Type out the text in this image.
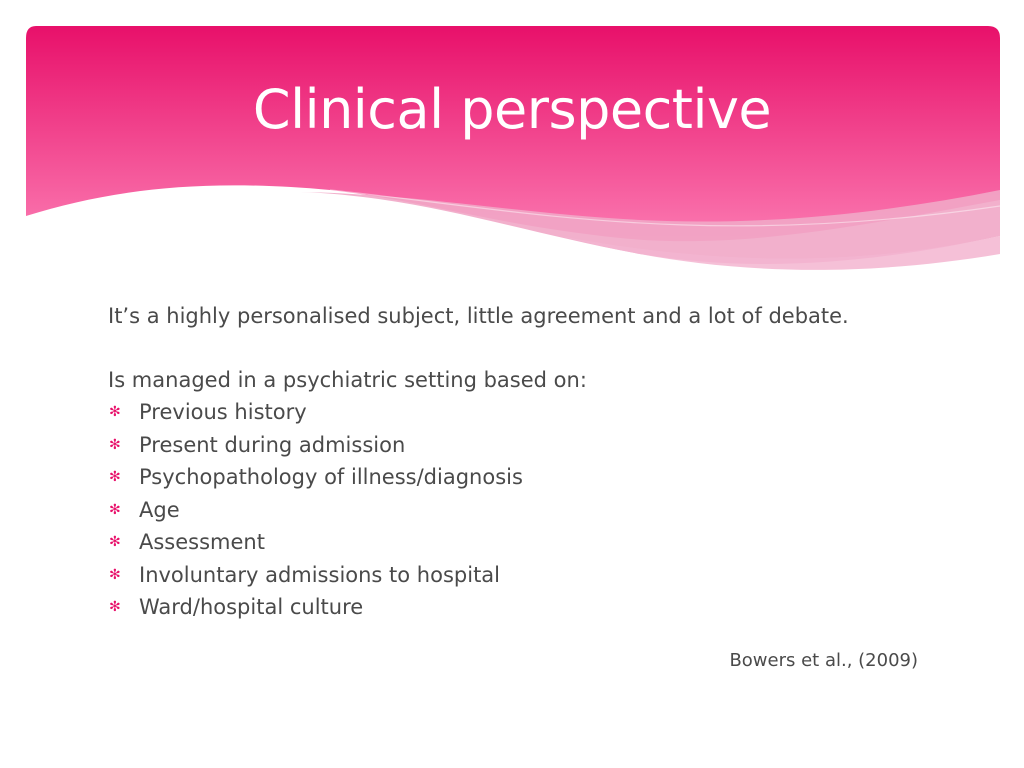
Clinical perspective

It’s a highly personalised subject, little agreement and a lot of debate.

Is managed in a psychiatric setting based on:

✻ Previous history
✻ Present during admission
✻ Psychopathology of illness/diagnosis
✻ Age
✻ Assessment
✻ Involuntary admissions to hospital
✻ Ward/hospital culture
Bowers et al., (2009)
